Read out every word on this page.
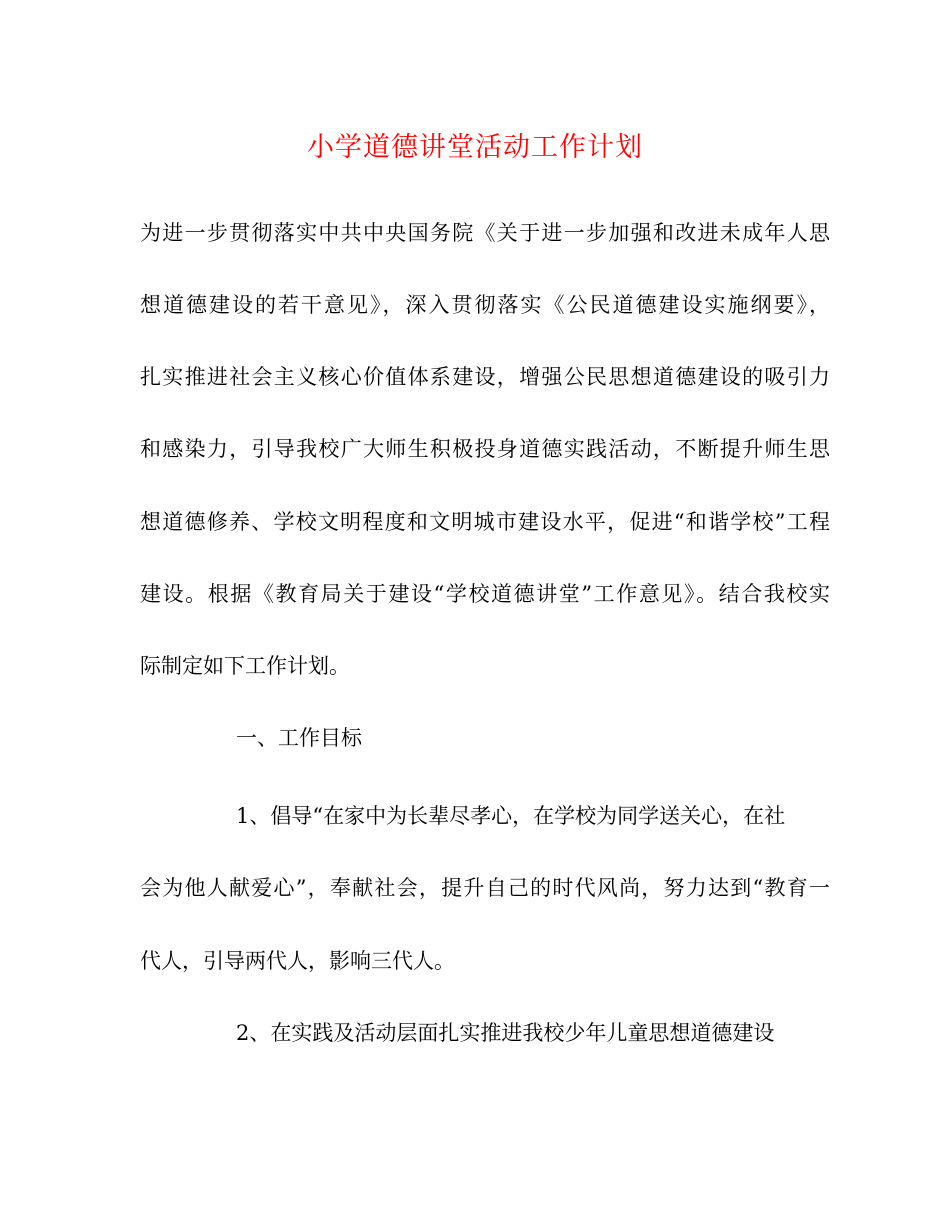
小学道德讲堂活动工作计划
为进一步贯彻落实中共中央国务院《关于进一步加强和改进未成年人思
想道德建设的若干意见》，深入贯彻落实《公民道德建设实施纲要》，
扎实推进社会主义核心价值体系建设，增强公民思想道德建设的吸引力
和感染力，引导我校广大师生积极投身道德实践活动，不断提升师生思
想道德修养、学校文明程度和文明城市建设水平，促进“和谐学校”工程
建设。根据《教育局关于建设“学校道德讲堂”工作意见》。结合我校实
际制定如下工作计划。
一、工作目标
1、倡导“在家中为长辈尽孝心，在学校为同学送关心，在社
会为他人献爱心”，奉献社会，提升自己的时代风尚，努力达到“教育一
代人，引导两代人，影响三代人。
2、在实践及活动层面扎实推进我校少年儿童思想道德建设
